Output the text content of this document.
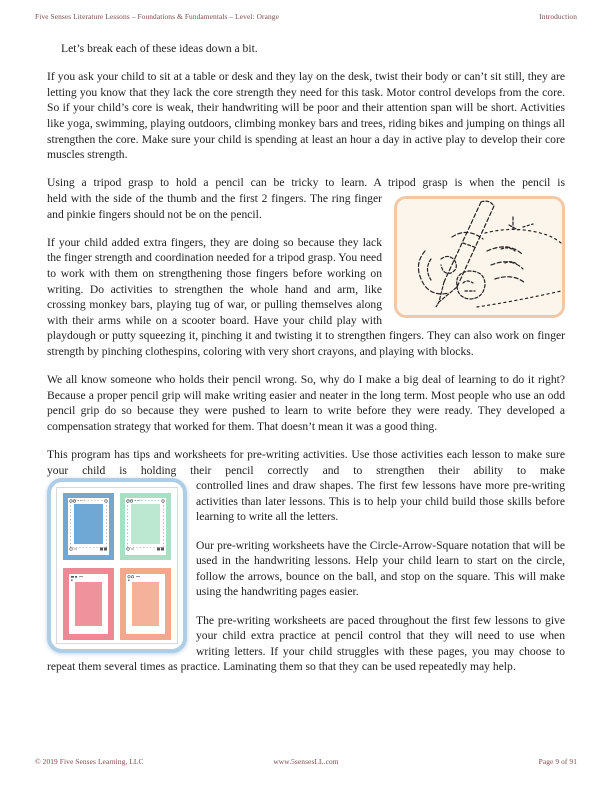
Five Senses Literature Lessons – Foundations & Fundamentals – Level: Orange	Introduction

Let’s break each of these ideas down a bit.

If you ask your child to sit at a table or desk and they lay on the desk, twist their body or can’t sit still, they are letting you know that they lack the core strength they need for this task. Motor control develops from the core. So if your child’s core is weak, their handwriting will be poor and their attention span will be short. Activities like yoga, swimming, playing outdoors, climbing monkey bars and trees, riding bikes and jumping on things all strengthen the core. Make sure your child is spending at least an hour a day in active play to develop their core muscles strength.

Using a tripod grasp to hold a pencil can be tricky to learn. A tripod grasp is when the pencil is

held with the side of the thumb and the first 2 fingers. The ring finger and pinkie fingers should not be on the pencil.

If your child added extra fingers, they are doing so because they lack the finger strength and coordination needed for a tripod grasp. You need to work with them on strengthening those fingers before working on writing. Do activities to strengthen the whole hand and arm, like crossing monkey bars, playing tug of war, or pulling themselves along with their arms while on a scooter board. Have your child play with playdough or putty squeezing it, pinching it and twisting it to strengthen fingers. They can also work on finger strength by pinching clothespins, coloring with very short crayons, and playing with blocks.

We all know someone who holds their pencil wrong. So, why do I make a big deal of learning to do it right? Because a proper pencil grip will make writing easier and neater in the long term. Most people who use an odd pencil grip do so because they were pushed to learn to write before they were ready. They developed a compensation strategy that worked for them. That doesn’t mean it was a good thing.

This program has tips and worksheets for pre-writing activities. Use those activities each lesson to make sure your child is holding their pencil correctly and to strengthen their ability to make

controlled lines and draw shapes. The first few lessons have more pre-writing activities than later lessons. This is to help your child build those skills before learning to write all the letters.

Our pre-writing worksheets have the Circle-Arrow-Square notation that will be used in the handwriting lessons. Help your child learn to start on the circle, follow the arrows, bounce on the ball, and stop on the square. This will make using the handwriting pages easier.

The pre-writing worksheets are paced throughout the first few lessons to give your child extra practice at pencil control that they will need to use when writing letters. If your child struggles with these pages, you may choose to repeat them several times as practice. Laminating them so that they can be used repeatedly may help.

© 2019 Five Senses Learning, LLC	www.5sensesLL.com	Page 9 of 91
